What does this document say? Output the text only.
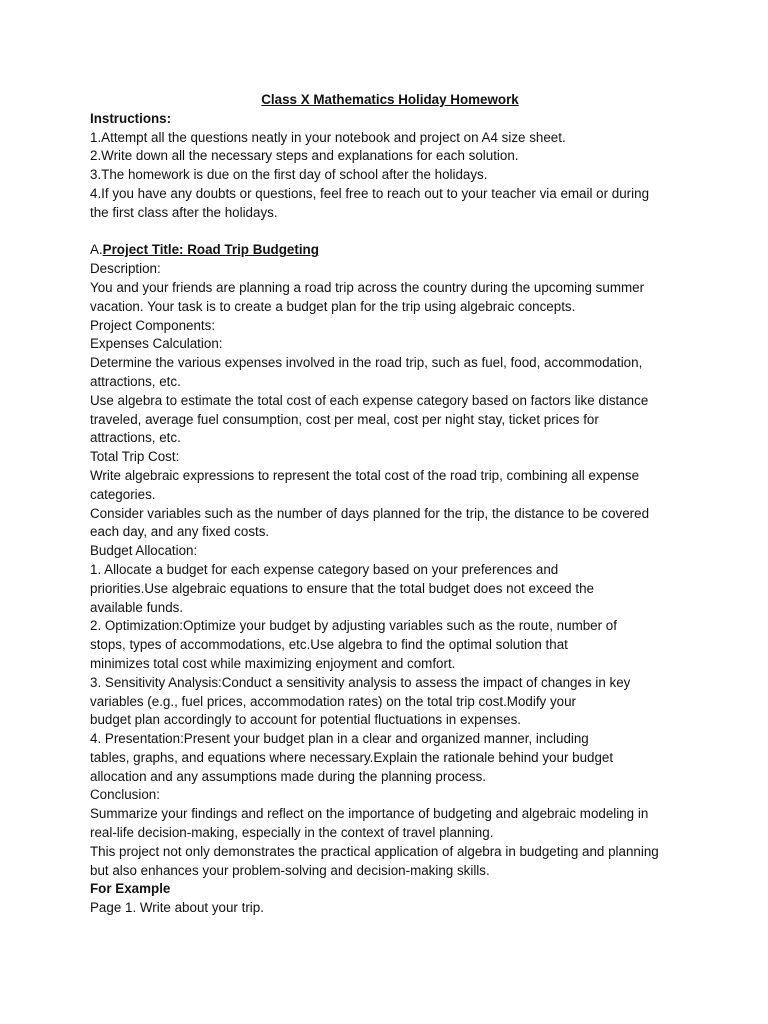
Class X Mathematics Holiday Homework

Instructions:

1.Attempt all the questions neatly in your notebook and project on A4 size sheet.

2.Write down all the necessary steps and explanations for each solution.

3.The homework is due on the first day of school after the holidays.

4.If you have any doubts or questions, feel free to reach out to your teacher via email or during

the first class after the holidays.

A.Project Title: Road Trip Budgeting

Description:

You and your friends are planning a road trip across the country during the upcoming summer

vacation. Your task is to create a budget plan for the trip using algebraic concepts.

Project Components:

Expenses Calculation:

Determine the various expenses involved in the road trip, such as fuel, food, accommodation,

attractions, etc.

Use algebra to estimate the total cost of each expense category based on factors like distance

traveled, average fuel consumption, cost per meal, cost per night stay, ticket prices for

attractions, etc.

Total Trip Cost:

Write algebraic expressions to represent the total cost of the road trip, combining all expense

categories.

Consider variables such as the number of days planned for the trip, the distance to be covered

each day, and any fixed costs.

Budget Allocation:

1. Allocate a budget for each expense category based on your preferences and

priorities.Use algebraic equations to ensure that the total budget does not exceed the

available funds.

2. Optimization:Optimize your budget by adjusting variables such as the route, number of

stops, types of accommodations, etc.Use algebra to find the optimal solution that

minimizes total cost while maximizing enjoyment and comfort.

3. Sensitivity Analysis:Conduct a sensitivity analysis to assess the impact of changes in key

variables (e.g., fuel prices, accommodation rates) on the total trip cost.Modify your

budget plan accordingly to account for potential fluctuations in expenses.

4. Presentation:Present your budget plan in a clear and organized manner, including

tables, graphs, and equations where necessary.Explain the rationale behind your budget

allocation and any assumptions made during the planning process.

Conclusion:

Summarize your findings and reflect on the importance of budgeting and algebraic modeling in

real-life decision-making, especially in the context of travel planning.

This project not only demonstrates the practical application of algebra in budgeting and planning

but also enhances your problem-solving and decision-making skills.

For Example

Page 1. Write about your trip.
